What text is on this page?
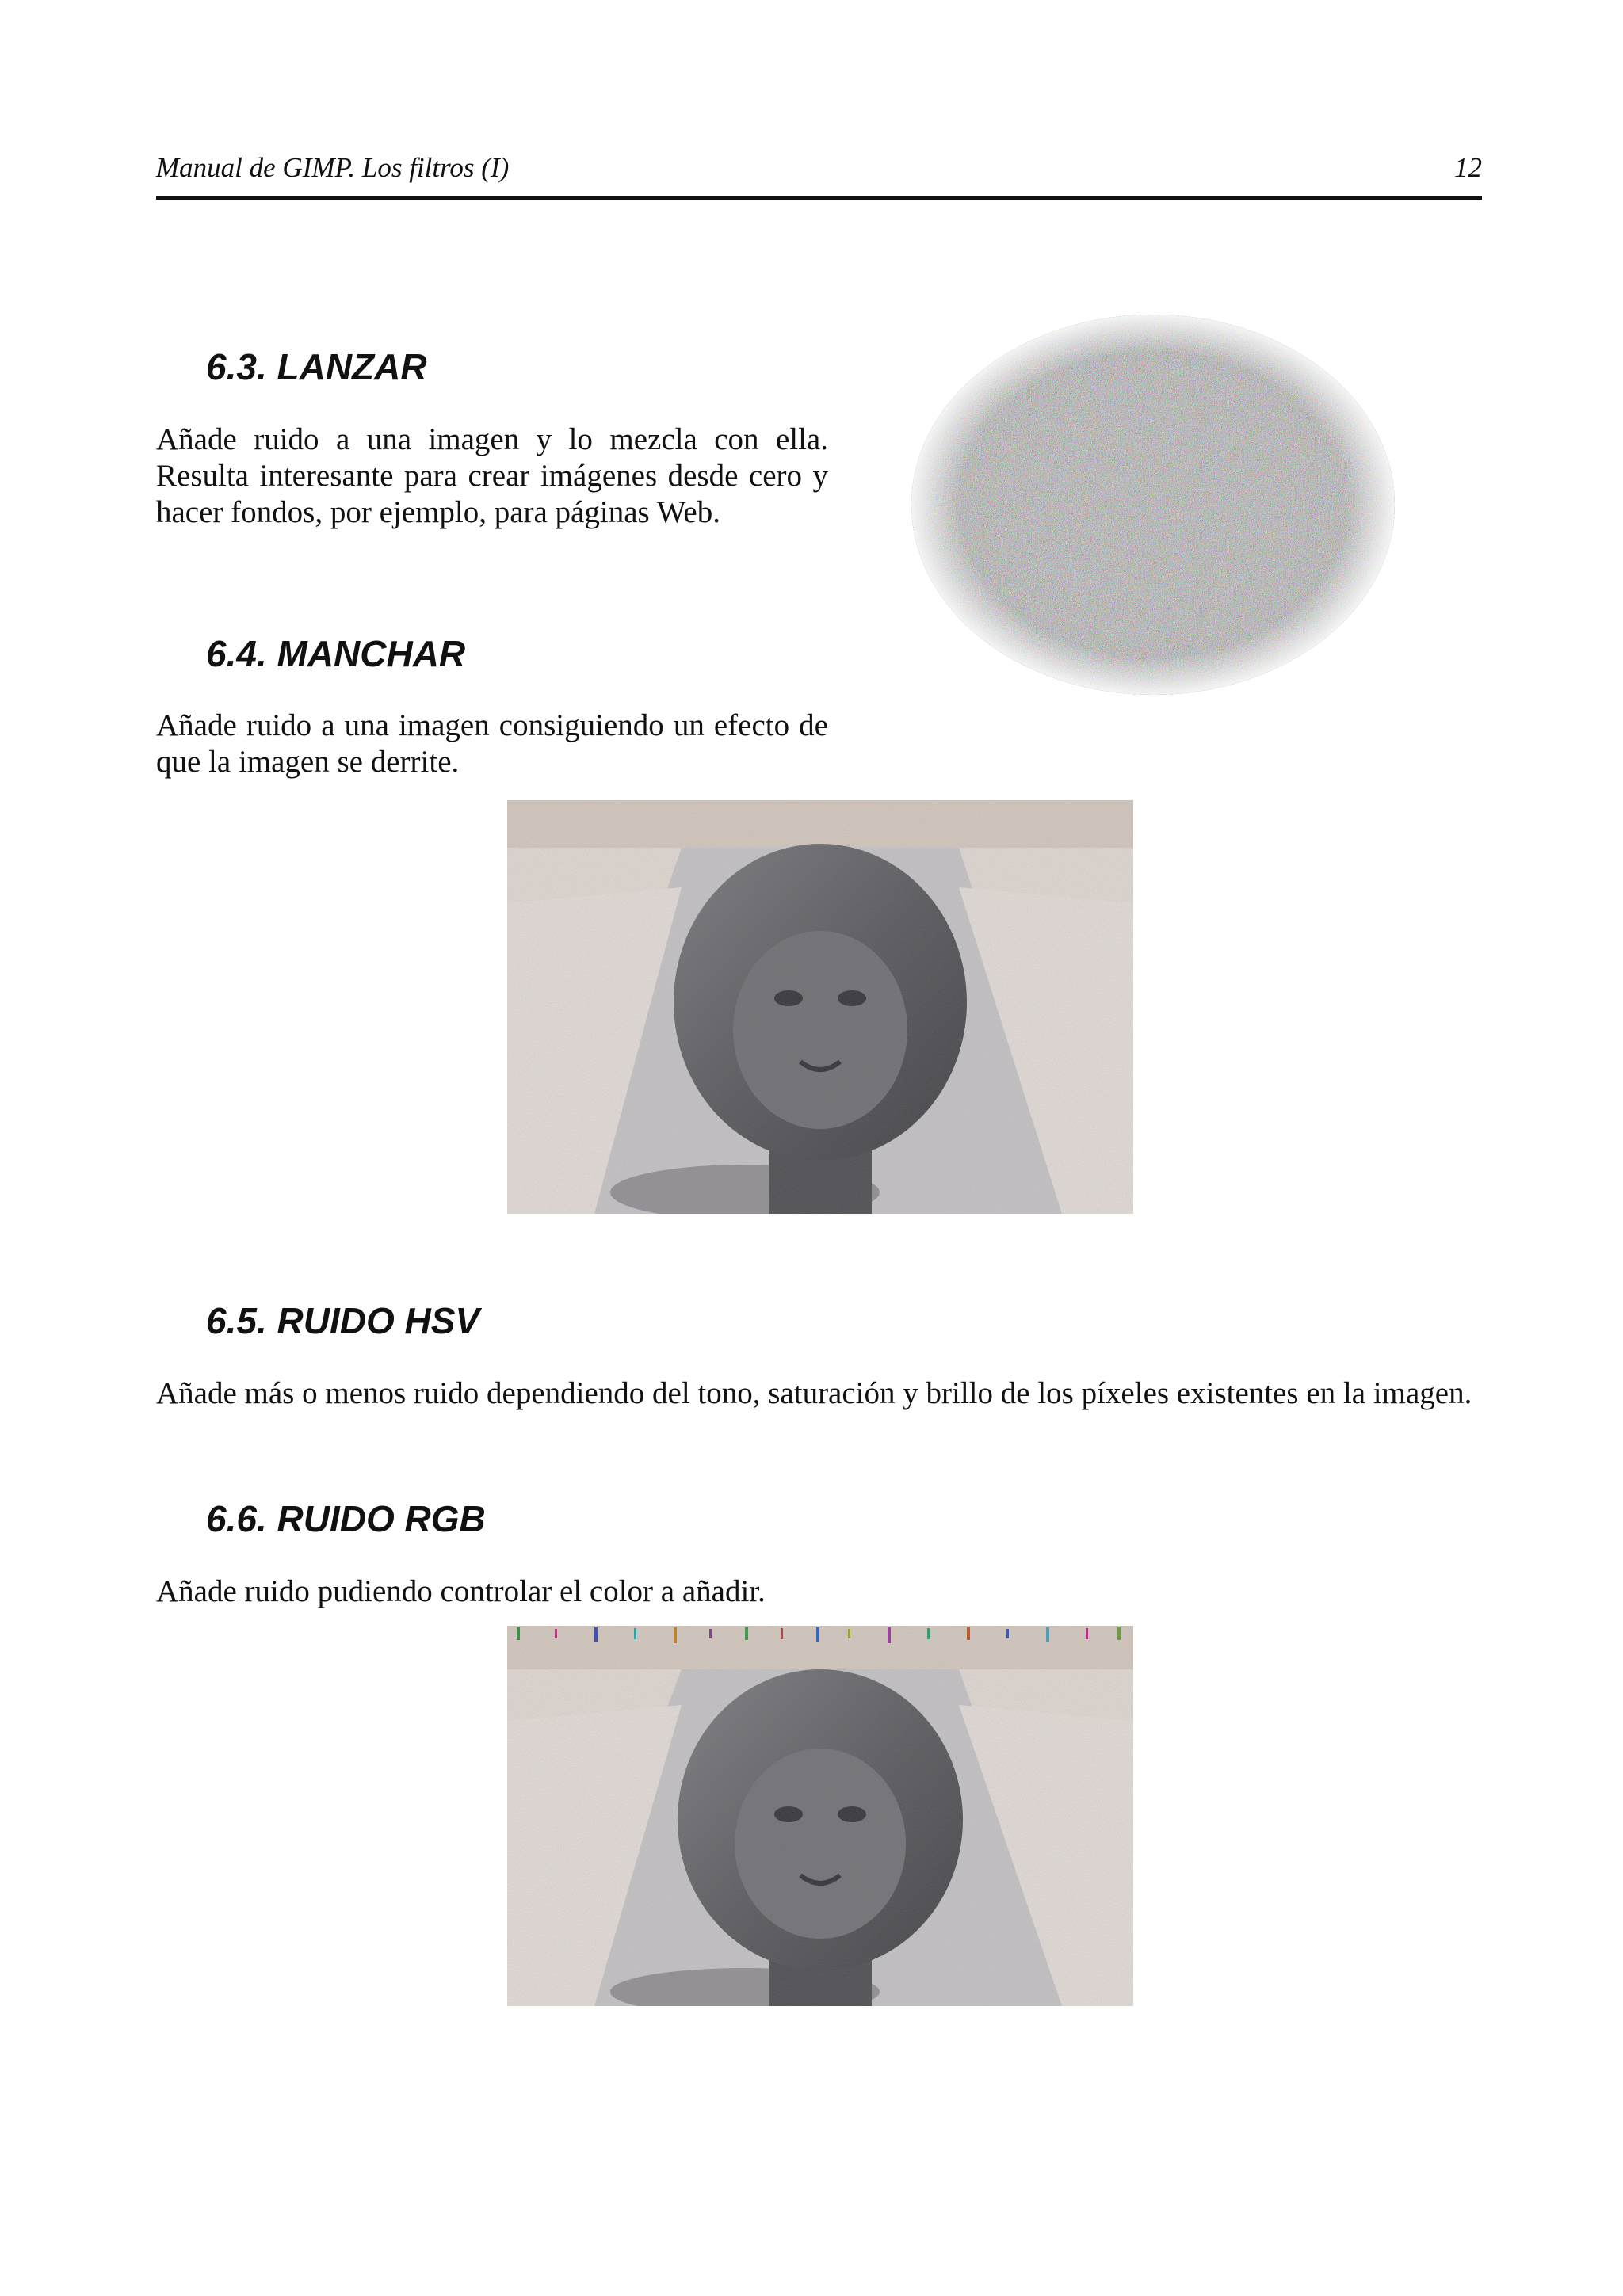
Manual de GIMP. Los filtros (I)	12
6.3. LANZAR

Añade ruido a una imagen y lo mezcla con ella. Resulta interesante para crear imágenes desde cero y hacer fondos, por ejemplo, para páginas Web.

6.4. MANCHAR

Añade ruido a una imagen consiguiendo un efecto de que la imagen se derrite.

6.5. RUIDO HSV

Añade más o menos ruido dependiendo del tono, saturación y brillo de los píxeles existentes en la imagen.

6.6. RUIDO RGB

Añade ruido pudiendo controlar el color a añadir.
